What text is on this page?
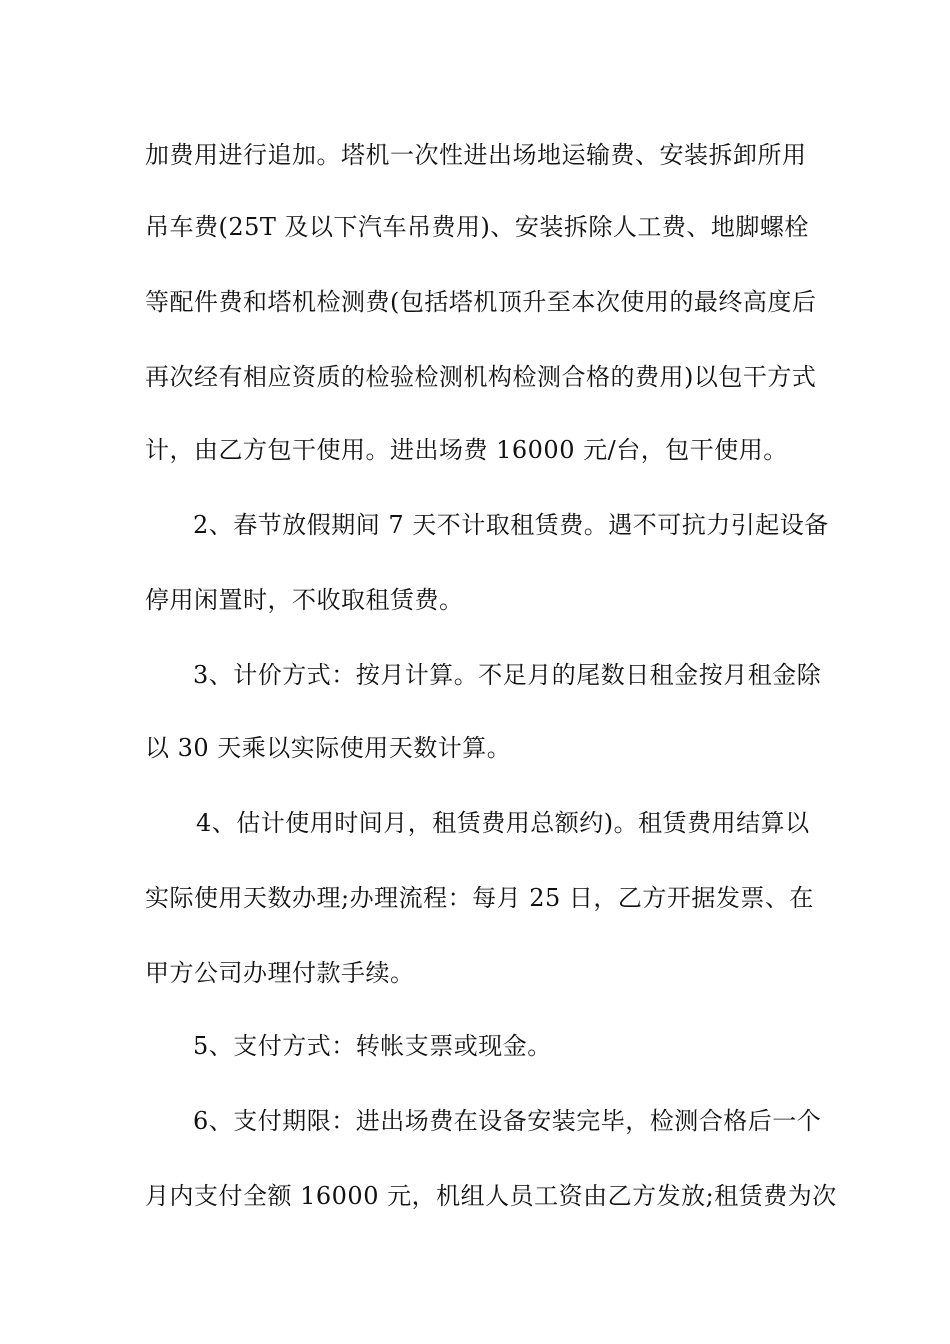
加费用进行追加。塔机一次性进出场地运输费、安装拆卸所用
吊车费(25T 及以下汽车吊费用)、安装拆除人工费、地脚螺栓
等配件费和塔机检测费(包括塔机顶升至本次使用的最终高度后
再次经有相应资质的检验检测机构检测合格的费用)以包干方式
计，由乙方包干使用。进出场费 16000 元/台，包干使用。
2、春节放假期间 7 天不计取租赁费。遇不可抗力引起设备
停用闲置时，不收取租赁费。
3、计价方式：按月计算。不足月的尾数日租金按月租金除
以 30 天乘以实际使用天数计算。
4、估计使用时间月，租赁费用总额约)。租赁费用结算以
实际使用天数办理;办理流程：每月 25 日，乙方开据发票、在
甲方公司办理付款手续。
5、支付方式：转帐支票或现金。
6、支付期限：进出场费在设备安装完毕，检测合格后一个
月内支付全额 16000 元，机组人员工资由乙方发放;租赁费为次
